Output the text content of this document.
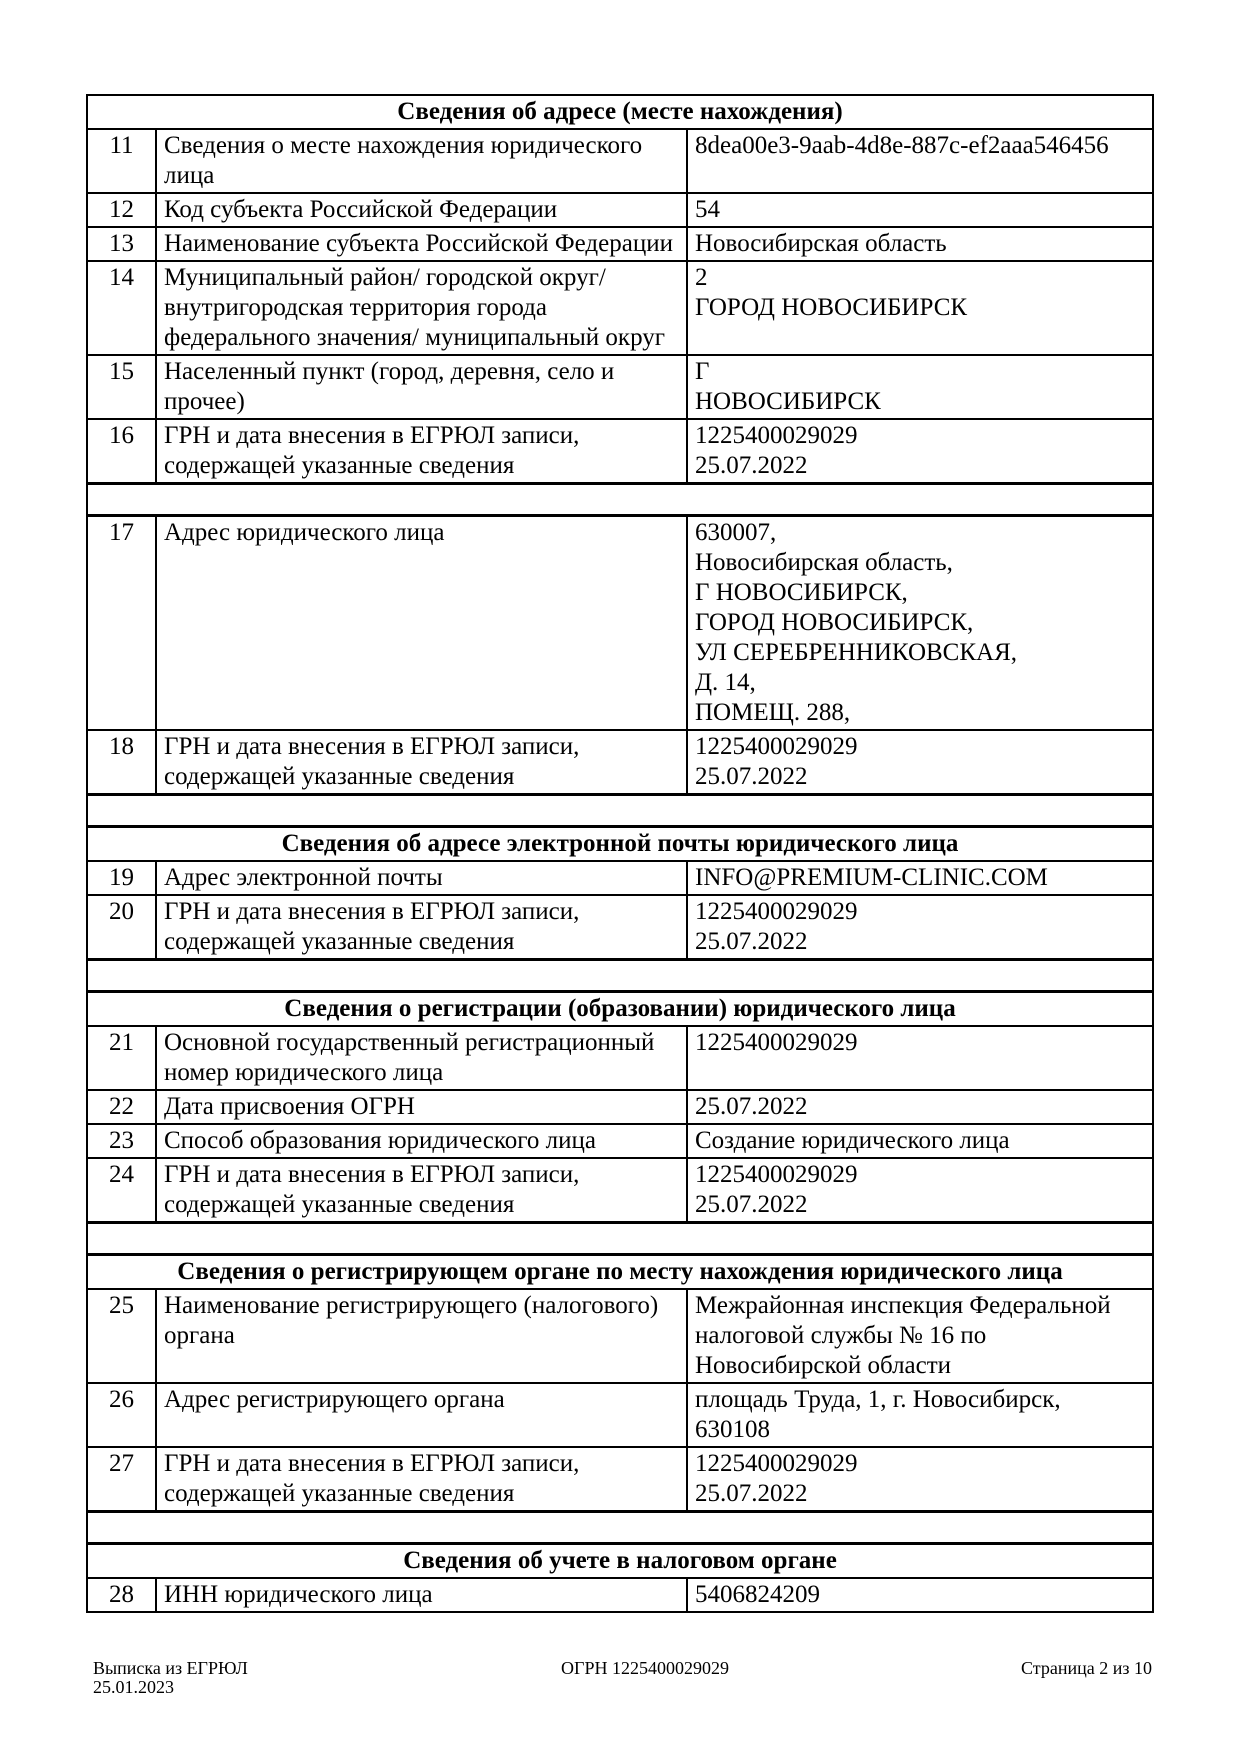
Сведения об адресе (месте нахождения)		
11	Сведения о месте нахождения юридического лица	8dea00e3-9aab-4d8e-887c-ef2aaa546456

12	Код субъекта Российской Федерации	54

13	Наименование субъекта Российской Федерации	Новосибирская область

14	Муниципальный район/ городской округ/ внутригородская территория города федерального значения/ муниципальный округ	2
ГОРОД НОВОСИБИРСК

15	Населенный пункт (город, деревня, село и прочее)	Г
НОВОСИБИРСК

16	ГРН и дата внесения в ЕГРЮЛ записи, содержащей указанные сведения	1225400029029
25.07.2022

17	Адрес юридического лица	630007,
Новосибирская область,
Г НОВОСИБИРСК,
ГОРОД НОВОСИБИРСК,
УЛ СЕРЕБРЕННИКОВСКАЯ,
Д. 14,
ПОМЕЩ. 288,

18	ГРН и дата внесения в ЕГРЮЛ записи, содержащей указанные сведения	1225400029029
25.07.2022

Сведения об адресе электронной почты юридического лица		
19	Адрес электронной почты	INFO@PREMIUM-CLINIC.COM

20	ГРН и дата внесения в ЕГРЮЛ записи, содержащей указанные сведения	1225400029029
25.07.2022

Сведения о регистрации (образовании) юридического лица		
21	Основной государственный регистрационный номер юридического лица	1225400029029

22	Дата присвоения ОГРН	25.07.2022

23	Способ образования юридического лица	Создание юридического лица

24	ГРН и дата внесения в ЕГРЮЛ записи, содержащей указанные сведения	1225400029029
25.07.2022

Сведения о регистрирующем органе по месту нахождения юридического лица		
25	Наименование регистрирующего (налогового) органа	Межрайонная инспекция Федеральной
налоговой службы № 16 по
Новосибирской области

26	Адрес регистрирующего органа	площадь Труда, 1, г. Новосибирск,
630108

27	ГРН и дата внесения в ЕГРЮЛ записи, содержащей указанные сведения	1225400029029
25.07.2022

Сведения об учете в налоговом органе		
28	ИНН юридического лица	5406824209
Выписка из ЕГРЮЛ
25.01.2023
ОГРН 1225400029029	Страница 2 из 10
